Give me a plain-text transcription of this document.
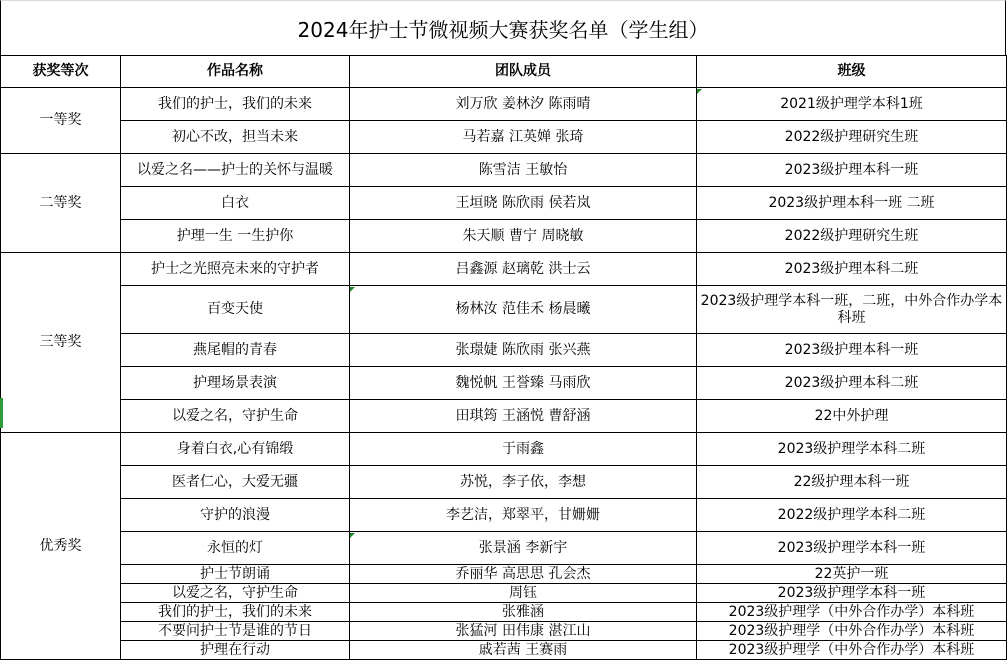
2024年护士节微视频大赛获奖名单（学生组）
获奖等次	作品名称	团队成员	班级
一等奖	我们的护士，我们的未来	刘万欣 姜林汐 陈雨晴	2021级护理学本科1班
	初心不改，担当未来	马若嘉 江英婵 张琦	2022级护理研究生班
二等奖	以爱之名——护士的关怀与温暖	陈雪洁 王敏怡	2023级护理本科一班
	白衣	王垣晓 陈欣雨 侯若岚	2023级护理本科一班 二班
	护理一生 一生护你	朱天顺 曹宁 周晓敏	2022级护理研究生班
三等奖	护士之光照亮未来的守护者	吕鑫源 赵璃乾 洪士云	2023级护理本科二班
	百变天使	杨林汝 范佳禾 杨晨曦	2023级护理学本科一班，二班，中外合作办学本科班
	燕尾帽的青春	张璟婕 陈欣雨 张兴燕	2023级护理本科一班
	护理场景表演	魏悦帆 王誉臻 马雨欣	2023级护理本科二班
	以爱之名，守护生命	田琪筠 王涵悦 曹舒涵	22中外护理
优秀奖	身着白衣,心有锦缎	于雨鑫	2023级护理学本科二班
	医者仁心，大爱无疆	苏悦，李子依，李想	22级护理本科一班
	守护的浪漫	李艺洁，郑翠平，甘姗姗	2022级护理学本科二班
	永恒的灯	张景涵 李新宇	2023级护理学本科一班
	护士节朗诵	乔丽华 高思思 孔会杰	22英护一班
	以爱之名，守护生命	周钰	2023级护理学本科一班
	我们的护士，我们的未来	张雅涵	2023级护理学（中外合作办学）本科班
	不要问护士节是谁的节日	张猛河 田伟康 湛江山	2023级护理学（中外合作办学）本科班
	护理在行动	戚若茜 王赛雨	2023级护理学（中外合作办学）本科班
